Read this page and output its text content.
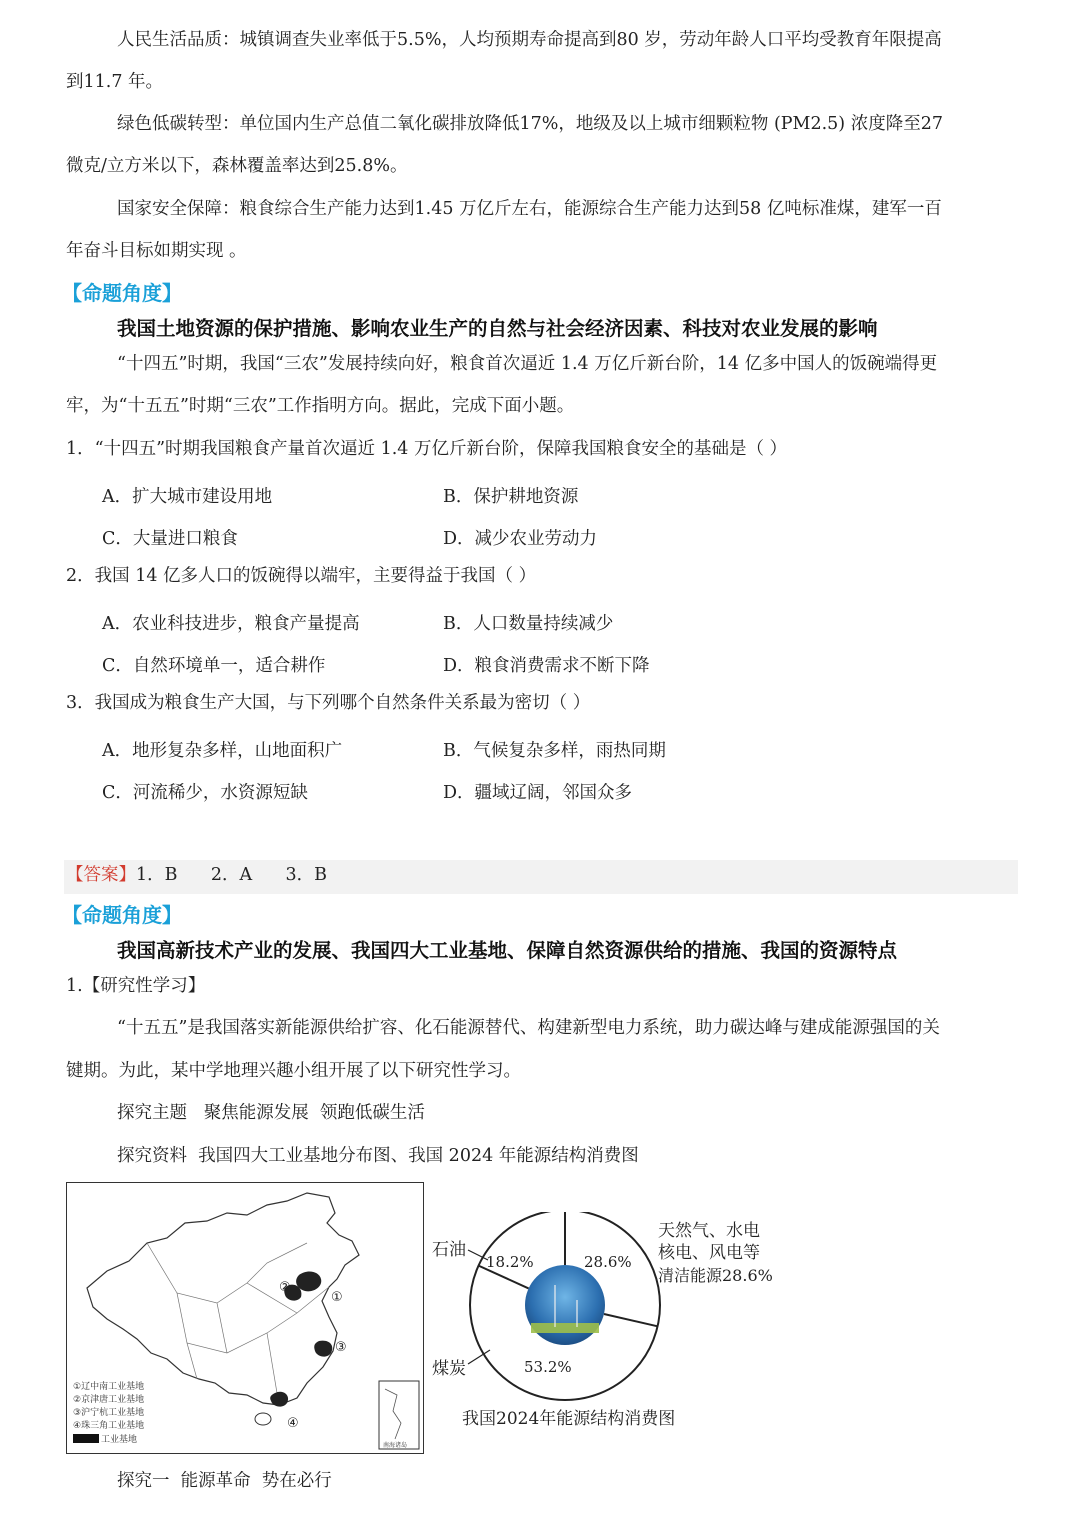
人民生活品质：城镇调查失业率低于5.5%，人均预期寿命提高到80 岁，劳动年龄人口平均受教育年限提高
到11.7 年。
绿色低碳转型：单位国内生产总值二氧化碳排放降低17%，地级及以上城市细颗粒物 (PM2.5) 浓度降至27
微克/立方米以下，森林覆盖率达到25.8%。
国家安全保障：粮食综合生产能力达到1.45 万亿斤左右，能源综合生产能力达到58 亿吨标准煤，建军一百
年奋斗目标如期实现 。
【命题角度】
我国土地资源的保护措施、影响农业生产的自然与社会经济因素、科技对农业发展的影响
“十四五”时期，我国“三农”发展持续向好，粮食首次逼近 1.4 万亿斤新台阶，14 亿多中国人的饭碗端得更
牢，为“十五五”时期“三农”工作指明方向。据此，完成下面小题。
1．“十四五”时期我国粮食产量首次逼近 1.4 万亿斤新台阶，保障我国粮食安全的基础是（ ）
A．扩大城市建设用地	B．保护耕地资源
C．大量进口粮食	D．减少农业劳动力
2．我国 14 亿多人口的饭碗得以端牢，主要得益于我国（ ）
A．农业科技进步，粮食产量提高	B．人口数量持续减少
C．自然环境单一，适合耕作	D．粮食消费需求不断下降
3．我国成为粮食生产大国，与下列哪个自然条件关系最为密切（ ）
A．地形复杂多样，山地面积广	B．气候复杂多样，雨热同期
C．河流稀少，水资源短缺	D．疆域辽阔，邻国众多
【答案】1．B      2．A      3．B
【命题角度】
我国高新技术产业的发展、我国四大工业基地、保障自然资源供给的措施、我国的资源特点
1.【研究性学习】
“十五五”是我国落实新能源供给扩容、化石能源替代、构建新型电力系统，助力碳达峰与建成能源强国的关
键期。为此，某中学地理兴趣小组开展了以下研究性学习。
探究主题   聚焦能源发展  领跑低碳生活
探究资料  我国四大工业基地分布图、我国 2024 年能源结构消费图
①
②
③
④
南海诸岛
①辽中南工业基地
②京津唐工业基地
③沪宁杭工业基地
④珠三角工业基地
工业基地
18.2%	28.6%
53.2%
石油
煤炭
天然气、水电
核电、风电等
清洁能源28.6%
我国2024年能源结构消费图
探究一  能源革命  势在必行
